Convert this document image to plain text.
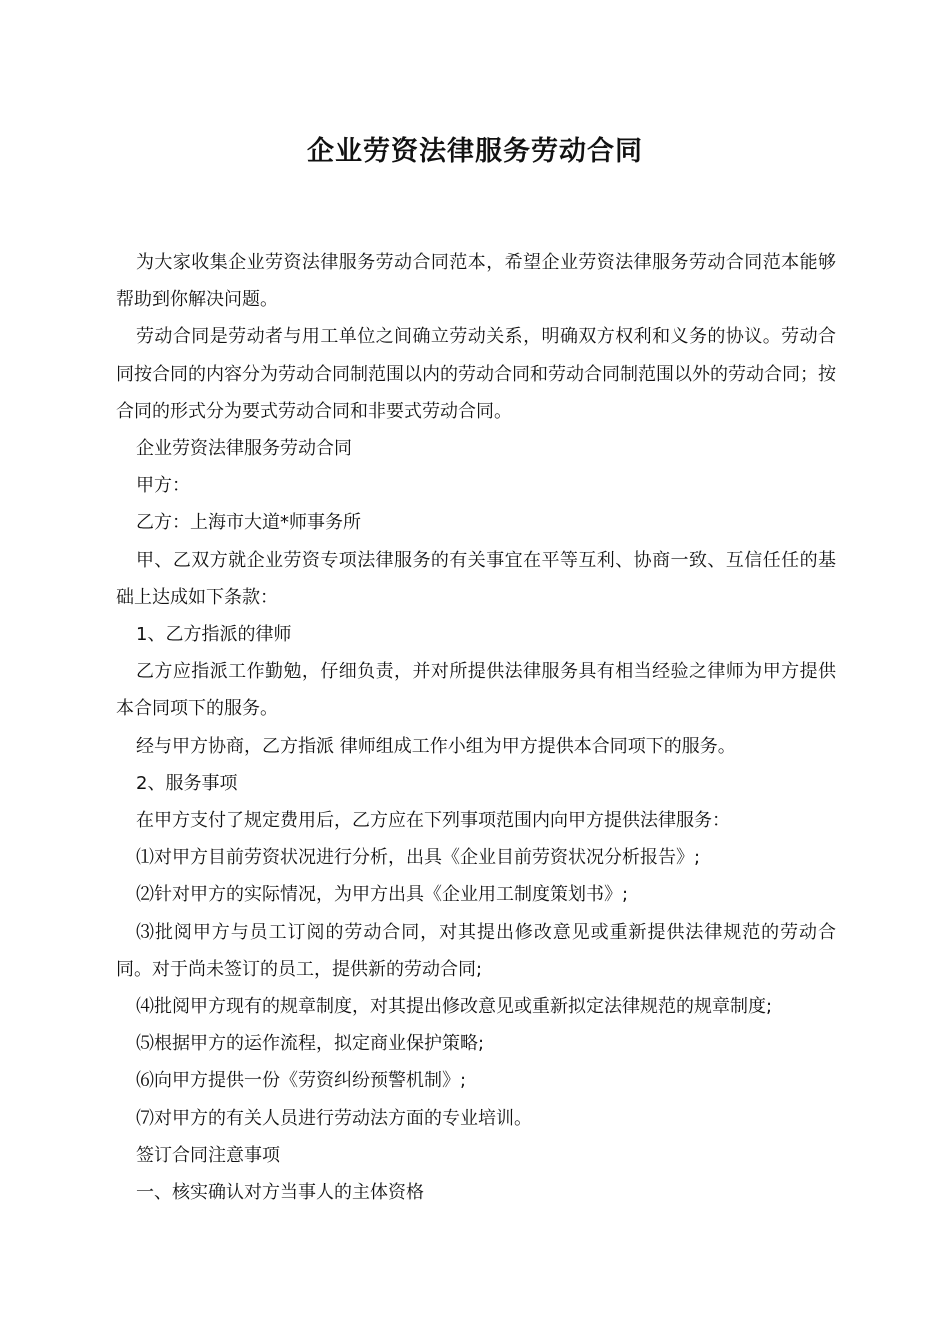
企业劳资法律服务劳动合同

为大家收集企业劳资法律服务劳动合同范本，希望企业劳资法律服务劳动合同范本能够帮助到你解决问题。

劳动合同是劳动者与用工单位之间确立劳动关系，明确双方权利和义务的协议。劳动合同按合同的内容分为劳动合同制范围以内的劳动合同和劳动合同制范围以外的劳动合同；按合同的形式分为要式劳动合同和非要式劳动合同。

企业劳资法律服务劳动合同

甲方：

乙方：上海市大道*师事务所

甲、乙双方就企业劳资专项法律服务的有关事宜在平等互利、协商一致、互信任任的基础上达成如下条款：

1、乙方指派的律师

乙方应指派工作勤勉，仔细负责，并对所提供法律服务具有相当经验之律师为甲方提供本合同项下的服务。

经与甲方协商，乙方指派 律师组成工作小组为甲方提供本合同项下的服务。

2、服务事项

在甲方支付了规定费用后，乙方应在下列事项范围内向甲方提供法律服务：

⑴对甲方目前劳资状况进行分析，出具《企业目前劳资状况分析报告》;

⑵针对甲方的实际情况，为甲方出具《企业用工制度策划书》;

⑶批阅甲方与员工订阅的劳动合同，对其提出修改意见或重新提供法律规范的劳动合同。对于尚未签订的员工，提供新的劳动合同;

⑷批阅甲方现有的规章制度，对其提出修改意见或重新拟定法律规范的规章制度;

⑸根据甲方的运作流程，拟定商业保护策略;

⑹向甲方提供一份《劳资纠纷预警机制》;

⑺对甲方的有关人员进行劳动法方面的专业培训。

签订合同注意事项

一、核实确认对方当事人的主体资格
